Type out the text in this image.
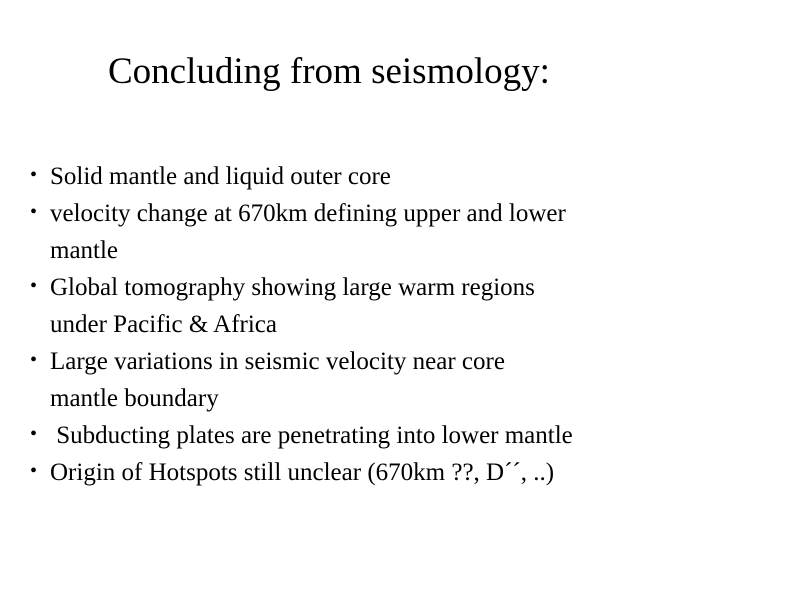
Concluding from seismology:
• Solid mantle and liquid outer core
• velocity change at 670km defining upper and lower
mantle
• Global tomography showing large warm regions
under Pacific & Africa
• Large variations in seismic velocity near core
mantle boundary
• Subducting plates are penetrating into lower mantle
• Origin of Hotspots still unclear (670km ??, D´´, ..)
